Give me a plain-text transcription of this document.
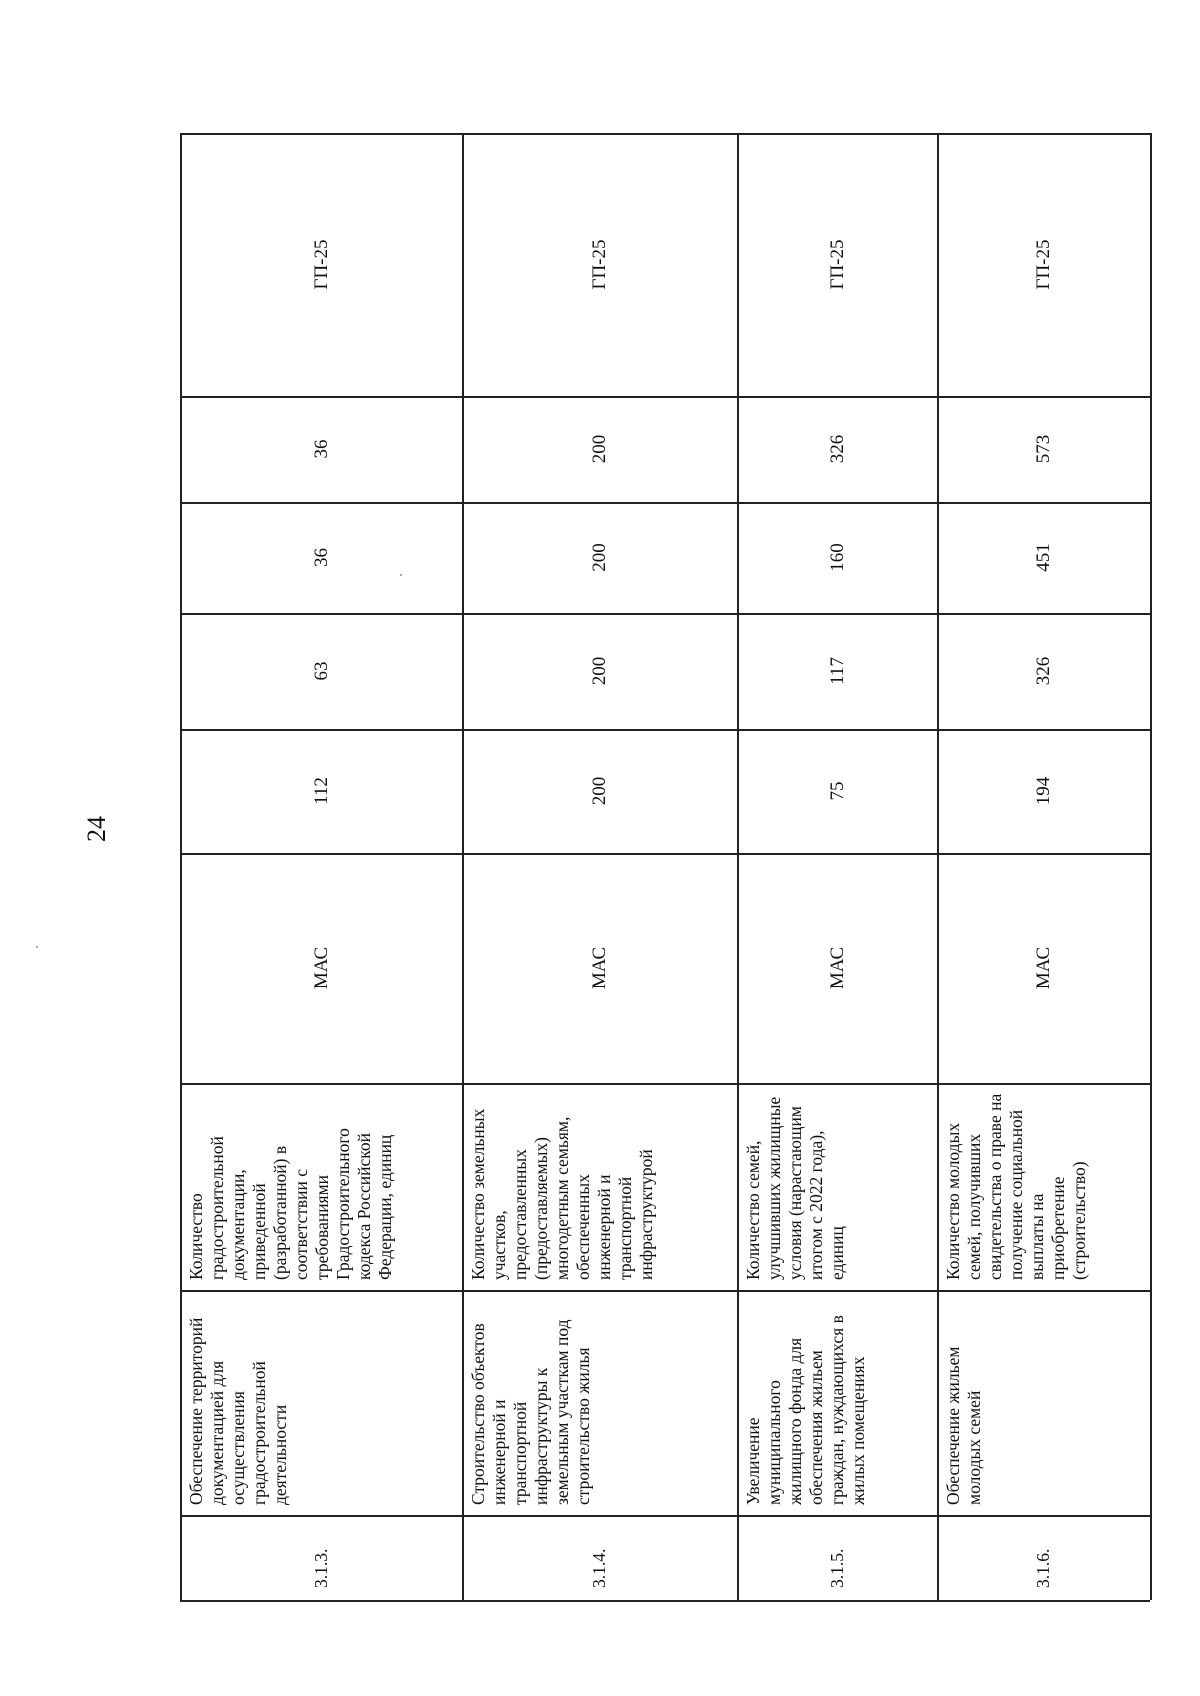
24
3.1.3.
Обеспечение территорий документацией для осуществления градостроительной деятельности
Количество градостроительной документации, приведенной (разработанной) в соответствии с требованиями Градостроительного кодекса Российской Федерации, единиц
МАС
112
63
36
36
ГП-25
3.1.4.
Строительство объектов инженерной и транспортной инфраструктуры к земельным участкам под строительство жилья
Количество земельных участков, предоставленных (предоставляемых) многодетным семьям, обеспеченных инженерной и транспортной инфраструктурой
МАС
200
200
200
200
ГП-25
3.1.5.
Увеличение муниципального жилищного фонда для обеспечения жильем граждан, нуждающихся в жилых помещениях
Количество семей, улучшивших жилищные условия (нарастающим итогом с 2022 года), единиц
МАС
75
117
160
326
ГП-25
3.1.6.
Обеспечение жильем молодых семей
Количество молодых семей, получивших свидетельства о праве на получение социальной выплаты на приобретение (строительство)
МАС
194
326
451
573
ГП-25
